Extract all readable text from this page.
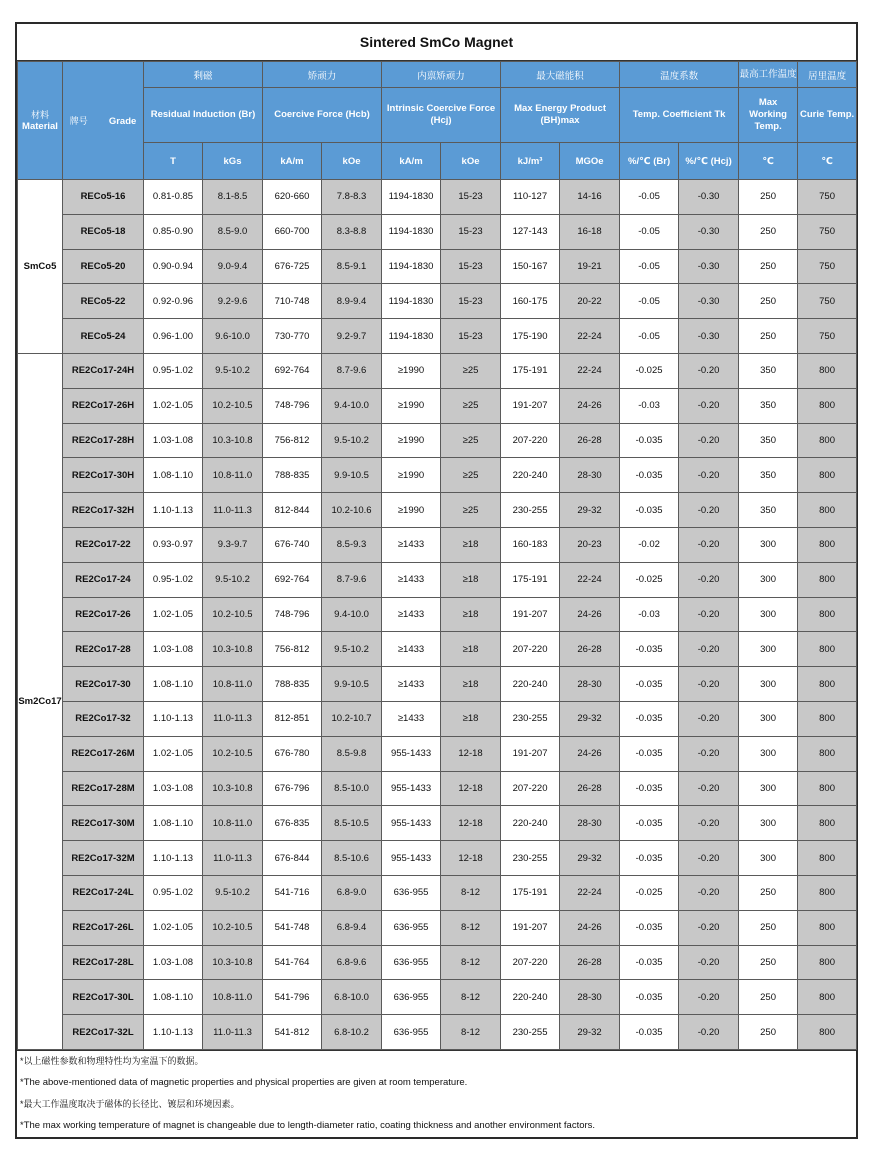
Sintered SmCo Magnet
材料
Material	牌号 Grade	剩磁		矫顽力		内禀矫顽力		最大磁能积		温度系数		最高工作温度	居里温度
		Residual Induction (Br)		Coercive Force (Hcb)		Intrinsic Coercive Force (Hcj)		Max Energy Product (BH)max		Temp. Coefficient Tk		Max Working Temp.	Curie Temp.
		T	kGs	kA/m	kOe	kA/m	kOe	kJ/m³	MGOe	%/℃ (Br)	%/℃ (Hcj)	℃	℃
SmCo5	RECo5-16	0.81-0.85	8.1-8.5	620-660	7.8-8.3	1194-1830	15-23	110-127	14-16	-0.05	-0.30	250	750
	RECo5-18	0.85-0.90	8.5-9.0	660-700	8.3-8.8	1194-1830	15-23	127-143	16-18	-0.05	-0.30	250	750
	RECo5-20	0.90-0.94	9.0-9.4	676-725	8.5-9.1	1194-1830	15-23	150-167	19-21	-0.05	-0.30	250	750
	RECo5-22	0.92-0.96	9.2-9.6	710-748	8.9-9.4	1194-1830	15-23	160-175	20-22	-0.05	-0.30	250	750
	RECo5-24	0.96-1.00	9.6-10.0	730-770	9.2-9.7	1194-1830	15-23	175-190	22-24	-0.05	-0.30	250	750
Sm2Co17	RE2Co17-24H	0.95-1.02	9.5-10.2	692-764	8.7-9.6	≥1990	≥25	175-191	22-24	-0.025	-0.20	350	800
	RE2Co17-26H	1.02-1.05	10.2-10.5	748-796	9.4-10.0	≥1990	≥25	191-207	24-26	-0.03	-0.20	350	800
	RE2Co17-28H	1.03-1.08	10.3-10.8	756-812	9.5-10.2	≥1990	≥25	207-220	26-28	-0.035	-0.20	350	800
	RE2Co17-30H	1.08-1.10	10.8-11.0	788-835	9.9-10.5	≥1990	≥25	220-240	28-30	-0.035	-0.20	350	800
	RE2Co17-32H	1.10-1.13	11.0-11.3	812-844	10.2-10.6	≥1990	≥25	230-255	29-32	-0.035	-0.20	350	800
	RE2Co17-22	0.93-0.97	9.3-9.7	676-740	8.5-9.3	≥1433	≥18	160-183	20-23	-0.02	-0.20	300	800
	RE2Co17-24	0.95-1.02	9.5-10.2	692-764	8.7-9.6	≥1433	≥18	175-191	22-24	-0.025	-0.20	300	800
	RE2Co17-26	1.02-1.05	10.2-10.5	748-796	9.4-10.0	≥1433	≥18	191-207	24-26	-0.03	-0.20	300	800
	RE2Co17-28	1.03-1.08	10.3-10.8	756-812	9.5-10.2	≥1433	≥18	207-220	26-28	-0.035	-0.20	300	800
	RE2Co17-30	1.08-1.10	10.8-11.0	788-835	9.9-10.5	≥1433	≥18	220-240	28-30	-0.035	-0.20	300	800
	RE2Co17-32	1.10-1.13	11.0-11.3	812-851	10.2-10.7	≥1433	≥18	230-255	29-32	-0.035	-0.20	300	800
	RE2Co17-26M	1.02-1.05	10.2-10.5	676-780	8.5-9.8	955-1433	12-18	191-207	24-26	-0.035	-0.20	300	800
	RE2Co17-28M	1.03-1.08	10.3-10.8	676-796	8.5-10.0	955-1433	12-18	207-220	26-28	-0.035	-0.20	300	800
	RE2Co17-30M	1.08-1.10	10.8-11.0	676-835	8.5-10.5	955-1433	12-18	220-240	28-30	-0.035	-0.20	300	800
	RE2Co17-32M	1.10-1.13	11.0-11.3	676-844	8.5-10.6	955-1433	12-18	230-255	29-32	-0.035	-0.20	300	800
	RE2Co17-24L	0.95-1.02	9.5-10.2	541-716	6.8-9.0	636-955	8-12	175-191	22-24	-0.025	-0.20	250	800
	RE2Co17-26L	1.02-1.05	10.2-10.5	541-748	6.8-9.4	636-955	8-12	191-207	24-26	-0.035	-0.20	250	800
	RE2Co17-28L	1.03-1.08	10.3-10.8	541-764	6.8-9.6	636-955	8-12	207-220	26-28	-0.035	-0.20	250	800
	RE2Co17-30L	1.08-1.10	10.8-11.0	541-796	6.8-10.0	636-955	8-12	220-240	28-30	-0.035	-0.20	250	800
	RE2Co17-32L	1.10-1.13	11.0-11.3	541-812	6.8-10.2	636-955	8-12	230-255	29-32	-0.035	-0.20	250	800
*以上磁性参数和物理特性均为室温下的数据。
*The above-mentioned data of magnetic properties and physical properties are given at room temperature.
*最大工作温度取决于磁体的长径比、镀层和环境因素。
*The max working temperature of magnet is changeable due to length-diameter ratio, coating thickness and another environment factors.
